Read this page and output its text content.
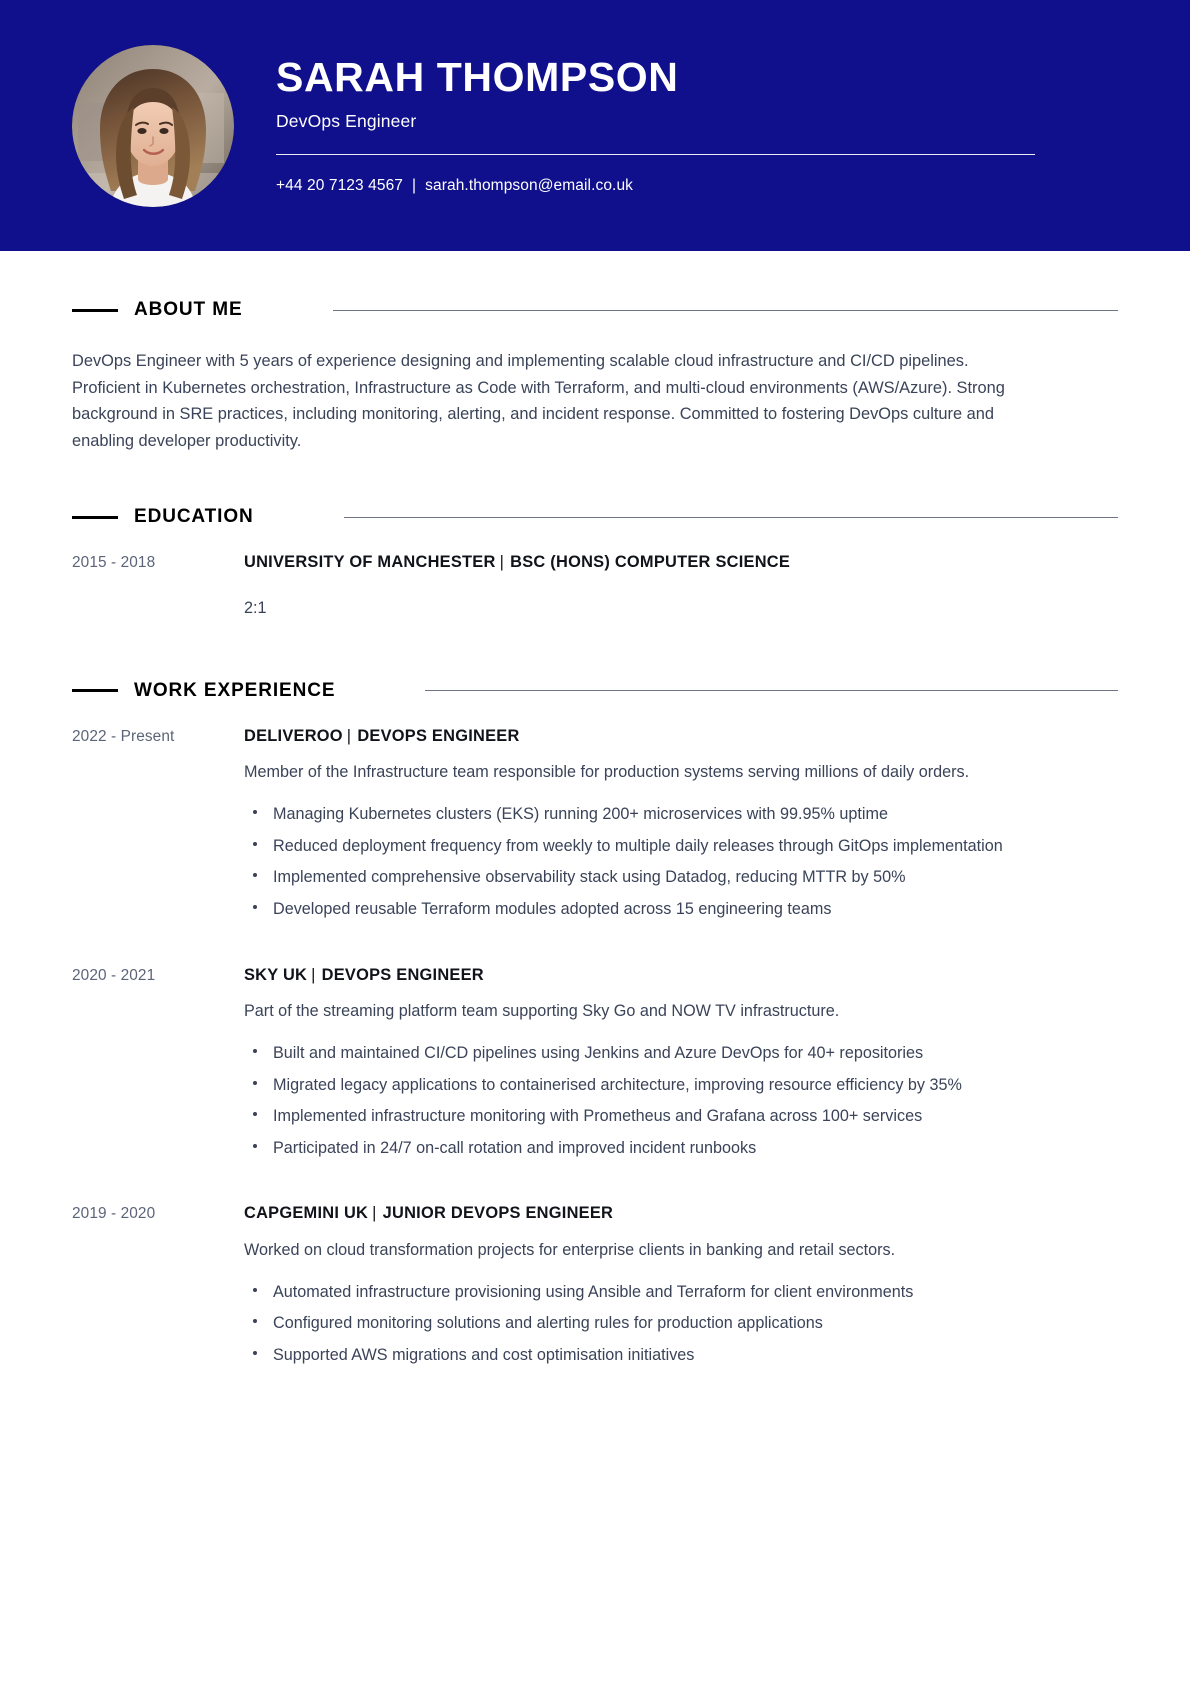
SARAH THOMPSON
DevOps Engineer
+44 20 7123 4567 | sarah.thompson@email.co.uk
ABOUT ME

DevOps Engineer with 5 years of experience designing and implementing scalable cloud infrastructure and CI/CD pipelines. Proficient in Kubernetes orchestration, Infrastructure as Code with Terraform, and multi-cloud environments (AWS/Azure). Strong background in SRE practices, including monitoring, alerting, and incident response. Committed to fostering DevOps culture and enabling developer productivity.

EDUCATION
2015 - 2018	UNIVERSITY OF MANCHESTER | BSC (HONS) COMPUTER SCIENCE
2:1
WORK EXPERIENCE
2022 - Present	DELIVEROO | DEVOPS ENGINEER
Member of the Infrastructure team responsible for production systems serving millions of daily orders.
Managing Kubernetes clusters (EKS) running 200+ microservices with 99.95% uptime
Reduced deployment frequency from weekly to multiple daily releases through GitOps implementation
Implemented comprehensive observability stack using Datadog, reducing MTTR by 50%
Developed reusable Terraform modules adopted across 15 engineering teams
2020 - 2021	SKY UK | DEVOPS ENGINEER
Part of the streaming platform team supporting Sky Go and NOW TV infrastructure.
Built and maintained CI/CD pipelines using Jenkins and Azure DevOps for 40+ repositories
Migrated legacy applications to containerised architecture, improving resource efficiency by 35%
Implemented infrastructure monitoring with Prometheus and Grafana across 100+ services
Participated in 24/7 on-call rotation and improved incident runbooks
2019 - 2020	CAPGEMINI UK | JUNIOR DEVOPS ENGINEER
Worked on cloud transformation projects for enterprise clients in banking and retail sectors.
Automated infrastructure provisioning using Ansible and Terraform for client environments
Configured monitoring solutions and alerting rules for production applications
Supported AWS migrations and cost optimisation initiatives
